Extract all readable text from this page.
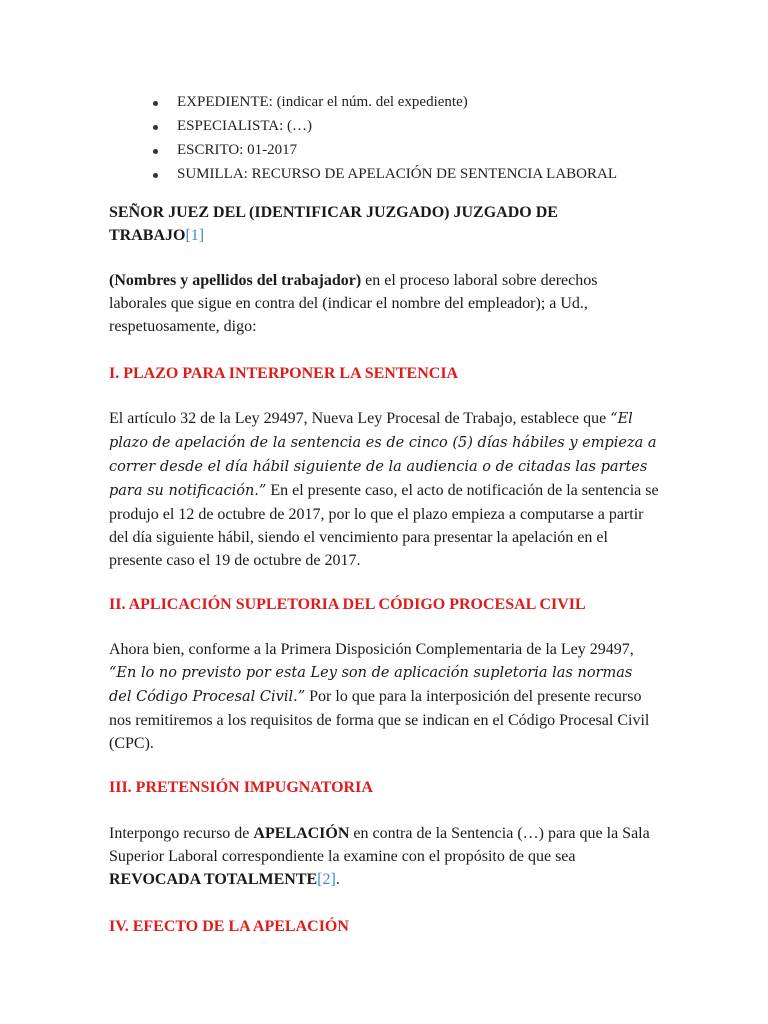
EXPEDIENTE: (indicar el núm. del expediente)
ESPECIALISTA: (…)
ESCRITO: 01-2017
SUMILLA: RECURSO DE APELACIÓN DE SENTENCIA LABORAL
SEÑOR JUEZ DEL (IDENTIFICAR JUZGADO) JUZGADO DE TRABAJO[1]
(Nombres y apellidos del trabajador) en el proceso laboral sobre derechos laborales que sigue en contra del (indicar el nombre del empleador); a Ud., respetuosamente, digo:
I. PLAZO PARA INTERPONER LA SENTENCIA
El artículo 32 de la Ley 29497, Nueva Ley Procesal de Trabajo, establece que “El plazo de apelación de la sentencia es de cinco (5) días hábiles y empieza a correr desde el día hábil siguiente de la audiencia o de citadas las partes para su notificación.” En el presente caso, el acto de notificación de la sentencia se produjo el 12 de octubre de 2017, por lo que el plazo empieza a computarse a partir del día siguiente hábil, siendo el vencimiento para presentar la apelación en el presente caso el 19 de octubre de 2017.
II. APLICACIÓN SUPLETORIA DEL CÓDIGO PROCESAL CIVIL
Ahora bien, conforme a la Primera Disposición Complementaria de la Ley 29497, “En lo no previsto por esta Ley son de aplicación supletoria las normas del Código Procesal Civil.” Por lo que para la interposición del presente recurso nos remitiremos a los requisitos de forma que se indican en el Código Procesal Civil (CPC).
III. PRETENSIÓN IMPUGNATORIA
Interpongo recurso de APELACIÓN en contra de la Sentencia (…) para que la Sala Superior Laboral correspondiente la examine con el propósito de que sea REVOCADA TOTALMENTE[2].
IV. EFECTO DE LA APELACIÓN
